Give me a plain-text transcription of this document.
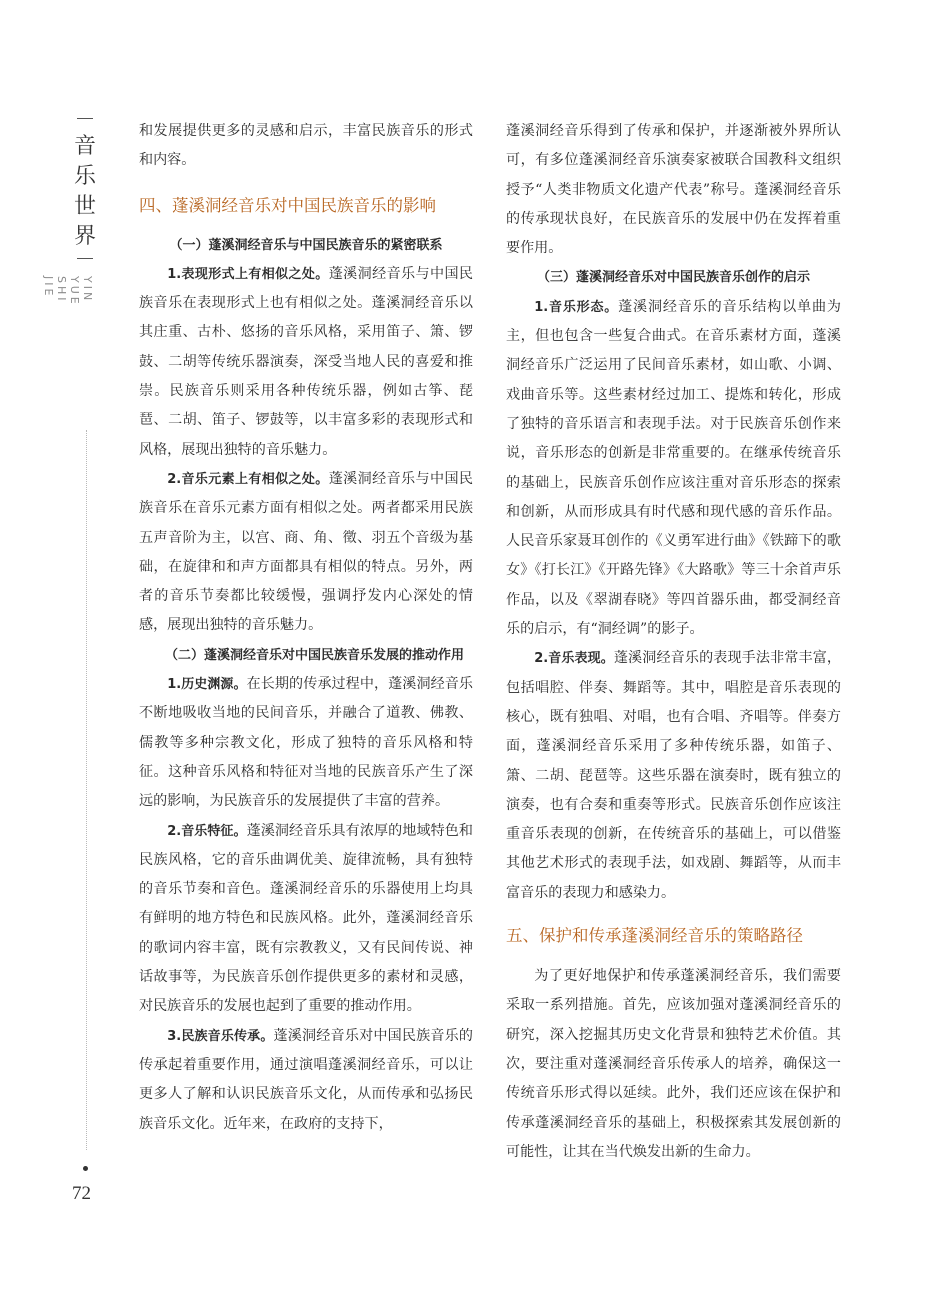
音
乐
世
界
YIN YUE SHI JIE
72

和发展提供更多的灵感和启示，丰富民族音乐的形式和内容。

四、蓬溪洞经音乐对中国民族音乐的影响

（一）蓬溪洞经音乐与中国民族音乐的紧密联系

1.表现形式上有相似之处。蓬溪洞经音乐与中国民族音乐在表现形式上也有相似之处。蓬溪洞经音乐以其庄重、古朴、悠扬的音乐风格，采用笛子、箫、锣鼓、二胡等传统乐器演奏，深受当地人民的喜爱和推崇。民族音乐则采用各种传统乐器，例如古筝、琵琶、二胡、笛子、锣鼓等，以丰富多彩的表现形式和风格，展现出独特的音乐魅力。

2.音乐元素上有相似之处。蓬溪洞经音乐与中国民族音乐在音乐元素方面有相似之处。两者都采用民族五声音阶为主，以宫、商、角、徵、羽五个音级为基础，在旋律和和声方面都具有相似的特点。另外，两者的音乐节奏都比较缓慢，强调抒发内心深处的情感，展现出独特的音乐魅力。

（二）蓬溪洞经音乐对中国民族音乐发展的推动作用

1.历史渊源。在长期的传承过程中，蓬溪洞经音乐不断地吸收当地的民间音乐，并融合了道教、佛教、儒教等多种宗教文化，形成了独特的音乐风格和特征。这种音乐风格和特征对当地的民族音乐产生了深远的影响，为民族音乐的发展提供了丰富的营养。

2.音乐特征。蓬溪洞经音乐具有浓厚的地域特色和民族风格，它的音乐曲调优美、旋律流畅，具有独特的音乐节奏和音色。蓬溪洞经音乐的乐器使用上均具有鲜明的地方特色和民族风格。此外，蓬溪洞经音乐的歌词内容丰富，既有宗教教义，又有民间传说、神话故事等，为民族音乐创作提供更多的素材和灵感，对民族音乐的发展也起到了重要的推动作用。

3.民族音乐传承。蓬溪洞经音乐对中国民族音乐的传承起着重要作用，通过演唱蓬溪洞经音乐，可以让更多人了解和认识民族音乐文化，从而传承和弘扬民族音乐文化。近年来，在政府的支持下，

蓬溪洞经音乐得到了传承和保护，并逐渐被外界所认可，有多位蓬溪洞经音乐演奏家被联合国教科文组织授予“人类非物质文化遗产代表”称号。蓬溪洞经音乐的传承现状良好，在民族音乐的发展中仍在发挥着重要作用。

（三）蓬溪洞经音乐对中国民族音乐创作的启示

1.音乐形态。蓬溪洞经音乐的音乐结构以单曲为主，但也包含一些复合曲式。在音乐素材方面，蓬溪洞经音乐广泛运用了民间音乐素材，如山歌、小调、戏曲音乐等。这些素材经过加工、提炼和转化，形成了独特的音乐语言和表现手法。对于民族音乐创作来说，音乐形态的创新是非常重要的。在继承传统音乐的基础上，民族音乐创作应该注重对音乐形态的探索和创新，从而形成具有时代感和现代感的音乐作品。人民音乐家聂耳创作的《义勇军进行曲》《铁蹄下的歌女》《打长江》《开路先锋》《大路歌》等三十余首声乐作品，以及《翠湖春晓》等四首器乐曲，都受洞经音乐的启示，有“洞经调”的影子。

2.音乐表现。蓬溪洞经音乐的表现手法非常丰富，包括唱腔、伴奏、舞蹈等。其中，唱腔是音乐表现的核心，既有独唱、对唱，也有合唱、齐唱等。伴奏方面，蓬溪洞经音乐采用了多种传统乐器，如笛子、箫、二胡、琵琶等。这些乐器在演奏时，既有独立的演奏，也有合奏和重奏等形式。民族音乐创作应该注重音乐表现的创新，在传统音乐的基础上，可以借鉴其他艺术形式的表现手法，如戏剧、舞蹈等，从而丰富音乐的表现力和感染力。

五、保护和传承蓬溪洞经音乐的策略路径

为了更好地保护和传承蓬溪洞经音乐，我们需要采取一系列措施。首先，应该加强对蓬溪洞经音乐的研究，深入挖掘其历史文化背景和独特艺术价值。其次，要注重对蓬溪洞经音乐传承人的培养，确保这一传统音乐形式得以延续。此外，我们还应该在保护和传承蓬溪洞经音乐的基础上，积极探索其发展创新的可能性，让其在当代焕发出新的生命力。
